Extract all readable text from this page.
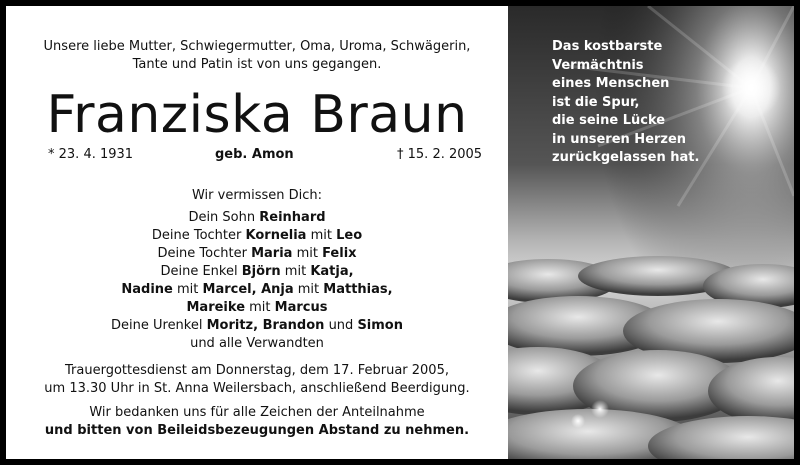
Unsere liebe Mutter, Schwiegermutter, Oma, Uroma, Schwägerin,
Tante und Patin ist von uns gegangen.
Franziska Braun
* 23. 4. 1931	geb. Amon	† 15. 2. 2005
Wir vermissen Dich:
Dein Sohn Reinhard
Deine Tochter Kornelia mit Leo
Deine Tochter Maria mit Felix
Deine Enkel Björn mit Katja,
Nadine mit Marcel, Anja mit Matthias,
Mareike mit Marcus
Deine Urenkel Moritz, Brandon und Simon
und alle Verwandten
Trauergottesdienst am Donnerstag, dem 17. Februar 2005,
um 13.30 Uhr in St. Anna Weilersbach, anschließend Beerdigung.
Wir bedanken uns für alle Zeichen der Anteilnahme
und bitten von Beileidsbezeugungen Abstand zu nehmen.
Das kostbarste
Vermächtnis
eines Menschen
ist die Spur,
die seine Lücke
in unseren Herzen
zurückgelassen hat.
